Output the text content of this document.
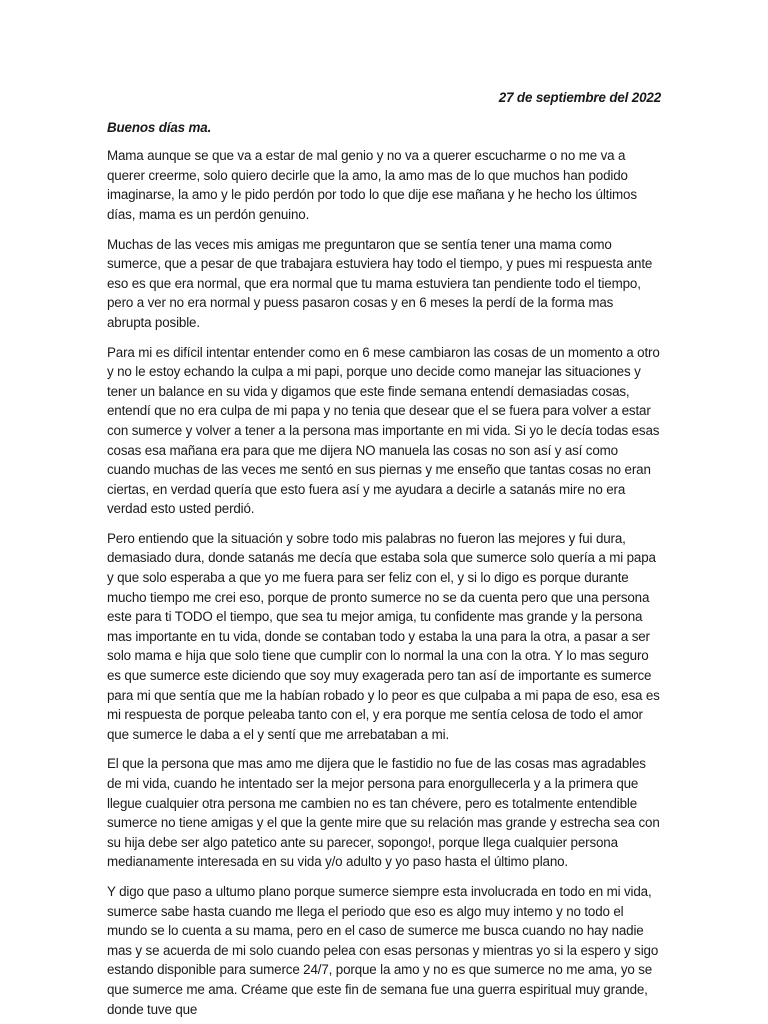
27 de septiembre del 2022

Buenos días ma.

Mama aunque se que va a estar de mal genio y no va a querer escucharme o no me va a querer creerme, solo quiero decirle que la amo, la amo mas de lo que muchos han podido imaginarse, la amo y le pido perdón por todo lo que dije ese mañana y he hecho los últimos días, mama es un perdón genuino.

Muchas de las veces mis amigas me preguntaron que se sentía tener una mama como sumerce, que a pesar de que trabajara estuviera hay todo el tiempo, y pues mi respuesta ante eso es que era normal, que era normal que tu mama estuviera tan pendiente todo el tiempo, pero a ver no era normal y puess pasaron cosas y en 6 meses la perdí de la forma mas abrupta posible.

Para mi es difícil intentar entender como en 6 mese cambiaron las cosas de un momento a otro y no le estoy echando la culpa a mi papi, porque uno decide como manejar las situaciones y tener un balance en su vida y digamos que este finde semana entendí demasiadas cosas, entendí que no era culpa de mi papa y no tenia que desear que el se fuera para volver a estar con sumerce y volver a tener a la persona mas importante en mi vida. Si yo le decía todas esas cosas esa mañana era para que me dijera NO manuela las cosas no son así y así como cuando muchas de las veces me sentó en sus piernas y me enseño que tantas cosas no eran ciertas, en verdad quería que esto fuera así y me ayudara a decirle a satanás mire no era verdad esto usted perdió.

Pero entiendo que la situación y sobre todo mis palabras no fueron las mejores y fui dura, demasiado dura, donde satanás me decía que estaba sola que sumerce solo quería a mi papa y que solo esperaba a que yo me fuera para ser feliz con el, y si lo digo es porque durante mucho tiempo me crei eso, porque de pronto sumerce no se da cuenta pero que una persona este para ti TODO el tiempo, que sea tu mejor amiga, tu confidente mas grande y la persona mas importante en tu vida, donde se contaban todo y estaba la una para la otra, a pasar a ser solo mama e hija que solo tiene que cumplir con lo normal la una con la otra. Y lo mas seguro es que sumerce este diciendo que soy muy exagerada pero tan así de importante es sumerce para mi que sentía que me la habían robado y lo peor es que culpaba a mi papa de eso, esa es mi respuesta de porque peleaba tanto con el, y era porque me sentía celosa de todo el amor que sumerce le daba a el y sentí que me arrebataban a mi.

El que la persona que mas amo me dijera que le fastidio no fue de las cosas mas agradables de mi vida, cuando he intentado ser la mejor persona para enorgullecerla y a la primera que llegue cualquier otra persona me cambien no es tan chévere, pero es totalmente entendible sumerce no tiene amigas y el que la gente mire que su relación mas grande y estrecha sea con su hija debe ser algo patetico ante su parecer, sopongo!, porque llega cualquier persona medianamente interesada en su vida y/o adulto y yo paso hasta el último plano.

Y digo que paso a ultumo plano porque sumerce siempre esta involucrada en todo en mi vida, sumerce sabe hasta cuando me llega el periodo que eso es algo muy intemo y no todo el mundo se lo cuenta a su mama, pero en el caso de sumerce me busca cuando no hay nadie mas y se acuerda de mi solo cuando pelea con esas personas y mientras yo si la espero y sigo estando disponible para sumerce 24/7, porque la amo y no es que sumerce no me ama, yo se que sumerce me ama. Créame que este fin de semana fue una guerra espiritual muy grande, donde tuve que
